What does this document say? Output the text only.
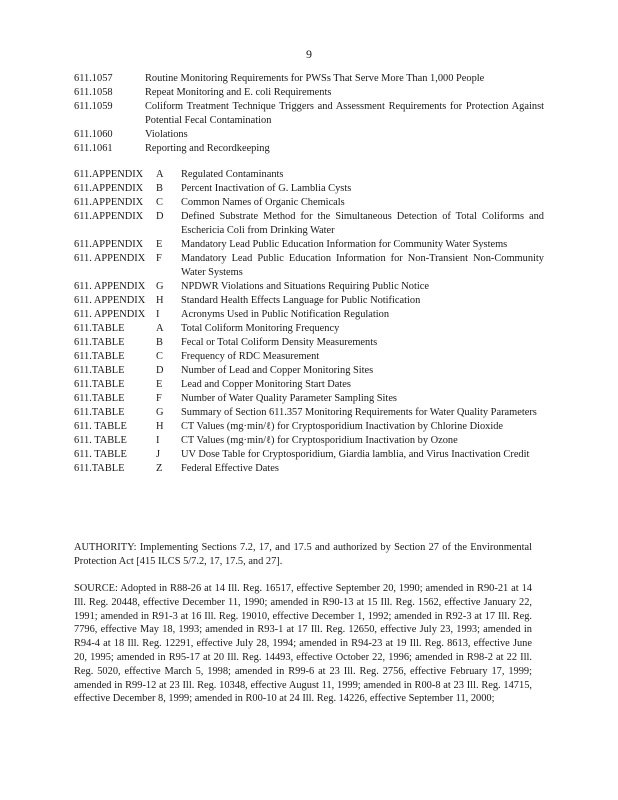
9
611.1057	Routine Monitoring Requirements for PWSs That Serve More Than 1,000 People
611.1058	Repeat Monitoring and E. coli Requirements
611.1059	Coliform Treatment Technique Triggers and Assessment Requirements for Protection Against Potential Fecal Contamination
611.1060	Violations
611.1061	Reporting and Recordkeeping
611.APPENDIX	A	Regulated Contaminants
611.APPENDIX	B	Percent Inactivation of G. Lamblia Cysts
611.APPENDIX	C	Common Names of Organic Chemicals
611.APPENDIX	D	Defined Substrate Method for the Simultaneous Detection of Total Coliforms and Eschericia Coli from Drinking Water
611.APPENDIX	E	Mandatory Lead Public Education Information for Community Water Systems
611. APPENDIX	F	Mandatory Lead Public Education Information for Non-Transient Non-Community Water Systems
611. APPENDIX	G	NPDWR Violations and Situations Requiring Public Notice
611. APPENDIX	H	Standard Health Effects Language for Public Notification
611. APPENDIX	I	Acronyms Used in Public Notification Regulation
611.TABLE	A	Total Coliform Monitoring Frequency
611.TABLE	B	Fecal or Total Coliform Density Measurements
611.TABLE	C	Frequency of RDC Measurement
611.TABLE	D	Number of Lead and Copper Monitoring Sites
611.TABLE	E	Lead and Copper Monitoring Start Dates
611.TABLE	F	Number of Water Quality Parameter Sampling Sites
611.TABLE	G	Summary of Section 611.357 Monitoring Requirements for Water Quality Parameters
611. TABLE	H	CT Values (mg·min/ℓ) for Cryptosporidium Inactivation by Chlorine Dioxide
611. TABLE	I	CT Values (mg·min/ℓ) for Cryptosporidium Inactivation by Ozone
611. TABLE	J	UV Dose Table for Cryptosporidium, Giardia lamblia, and Virus Inactivation Credit
611.TABLE	Z	Federal Effective Dates
AUTHORITY: Implementing Sections 7.2, 17, and 17.5 and authorized by Section 27 of the Environmental Protection Act [415 ILCS 5/7.2, 17, 17.5, and 27].
SOURCE: Adopted in R88-26 at 14 Ill. Reg. 16517, effective September 20, 1990; amended in R90-21 at 14 Ill. Reg. 20448, effective December 11, 1990; amended in R90-13 at 15 Ill. Reg. 1562, effective January 22, 1991; amended in R91-3 at 16 Ill. Reg. 19010, effective December 1, 1992; amended in R92-3 at 17 Ill. Reg. 7796, effective May 18, 1993; amended in R93-1 at 17 Ill. Reg. 12650, effective July 23, 1993; amended in R94-4 at 18 Ill. Reg. 12291, effective July 28, 1994; amended in R94-23 at 19 Ill. Reg. 8613, effective June 20, 1995; amended in R95-17 at 20 Ill. Reg. 14493, effective October 22, 1996; amended in R98-2 at 22 Ill. Reg. 5020, effective March 5, 1998; amended in R99-6 at 23 Ill. Reg. 2756, effective February 17, 1999; amended in R99-12 at 23 Ill. Reg. 10348, effective August 11, 1999; amended in R00-8 at 23 Ill. Reg. 14715, effective December 8, 1999; amended in R00-10 at 24 Ill. Reg. 14226, effective September 11, 2000;
